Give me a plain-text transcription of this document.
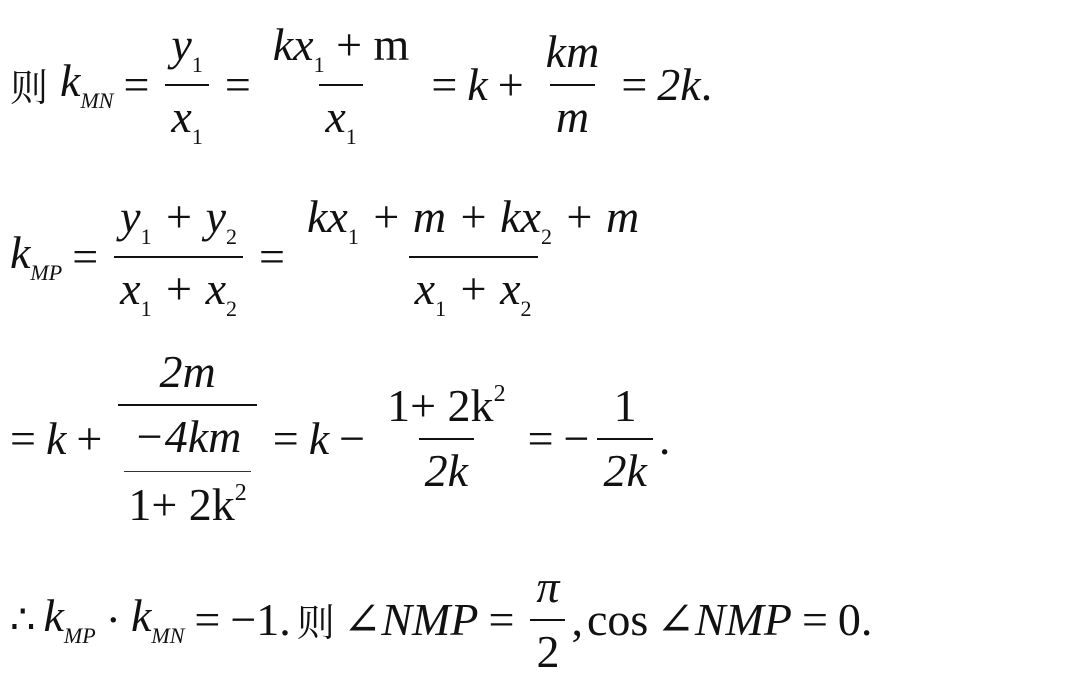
则 $k_{MN} = \frac{y_1}{x_1} = \frac{kx_1 + m}{x_1} = k + \frac{km}{m} = 2k$ .
$k_{MP} = \frac{y_1 + y_2}{x_1 + x_2} = \frac{kx_1 + m + kx_2 + m}{x_1 + x_2}$
= $k + \frac{2m}{\frac{-4km}{1+ 2k^2}} = k - \frac{1+ 2k^2}{2k}$ = − $\frac{1}{2k}$ .
∴ $k_{MP} \cdot k_{MN} = -1$ . 则 ∠NMP = $\frac{\pi}{2}$ , cos ∠NMP = 0 .
